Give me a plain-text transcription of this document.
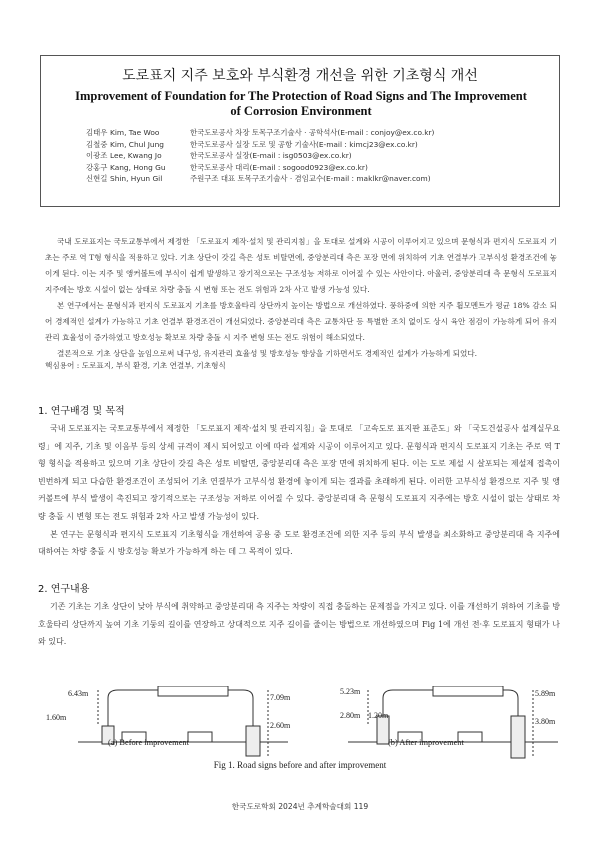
도로표지 지주 보호와 부식환경 개선을 위한 기초형식 개선
Improvement of Foundation for The Protection of Road Signs and The Improvement of Corrosion Environment
김태우 Kim, Tae Woo	한국도로공사 차장 토목구조기술사 · 공학석사(E-mail : conjoy@ex.co.kr)
김철중 Kim, Chul Jung	한국도로공사 실장 도로 및 공항 기술사(E-mail : kimcj23@ex.co.kr)
이광조 Lee, Kwang Jo	한국도로공사 실장(E-mail : isg0503@ex.co.kr)
강홍구 Kang, Hong Gu	한국도로공사 대리(E-mail : sogood0923@ex.co.kr)
신현길 Shin, Hyun Gil	주원구조 대표 토목구조기술사 · 겸임교수(E-mail : maklkr@naver.com)

국내 도로표지는 국토교통부에서 제정한 「도로표지 제작·설치 및 관리지침」을 토대로 설계와 시공이 이루어지고 있으며 문형식과 편지식 도로표지 기초는 주로 역 T형 형식을 적용하고 있다. 기초 상단이 갓길 측은 성토 비탈면에, 중앙분리대 측은 포장 면에 위치하여 기초 연결부가 고부식성 환경조건에 놓이게 된다. 이는 지주 및 앵커볼트에 부식이 쉽게 발생하고 장기적으로는 구조성능 저하로 이어질 수 있는 사안이다. 아울러, 중앙분리대 측 문형식 도로표지 지주에는 방호 시설이 없는 상태로 차량 충돌 시 변형 또는 전도 위험과 2차 사고 발생 가능성 있다.

본 연구에서는 문형식과 편지식 도로표지 기초를 방호울타리 상단까지 높이는 방법으로 개선하였다. 풍하중에 의한 지주 휨모멘트가 평균 18% 감소 되어 경제적인 설계가 가능하고 기초 연결부 환경조건이 개선되었다. 중앙분리대 측은 교통차단 등 특별한 조치 없이도 상시 육안 점검이 가능하게 되어 유지관리 효율성이 증가하였고 방호성능 확보로 차량 충돌 시 지주 변형 또는 전도 위험이 해소되었다.

결론적으로 기초 상단을 높임으로써 내구성, 유지관리 효율성 및 방호성능 향상을 기하면서도 경제적인 설계가 가능하게 되었다.

핵심용어 : 도로표지, 부식 환경, 기초 연결부, 기초형식
1. 연구배경 및 목적

국내 도로표지는 국토교통부에서 제정한 「도로표지 제작·설치 및 관리지침」을 토대로 「고속도로 표지판 표준도」와 「국도건설공사 설계실무요령」에 지주, 기초 및 이음부 등의 상세 규격이 제시 되어있고 이에 따라 설계와 시공이 이루어지고 있다. 문형식과 편지식 도로표지 기초는 주로 역 T형 형식을 적용하고 있으며 기초 상단이 갓길 측은 성토 비탈면, 중앙분리대 측은 포장 면에 위치하게 된다. 이는 도로 제설 시 살포되는 제설제 접촉이 빈번하게 되고 다습한 환경조건이 조성되어 기초 연결부가 고부식성 환경에 놓이게 되는 결과를 초래하게 된다. 이러한 고부식성 환경으로 지주 및 앵커볼트에 부식 발생이 촉진되고 장기적으로는 구조성능 저하로 이어질 수 있다. 중앙분리대 측 문형식 도로표지 지주에는 방호 시설이 없는 상태로 차량 충돌 시 변형 또는 전도 위험과 2차 사고 발생 가능성이 있다.

본 연구는 문형식과 편지식 도로표지 기초형식을 개선하여 공용 중 도로 환경조건에 의한 지주 등의 부식 발생을 최소화하고 중앙분리대 측 지주에 대하여는 차량 충돌 시 방호성능 확보가 가능하게 하는 데 그 목적이 있다.

2. 연구내용

기존 기초는 기초 상단이 낮아 부식에 취약하고 중앙분리대 측 지주는 차량이 직접 충돌하는 문제점을 가지고 있다. 이를 개선하기 위하여 기초를 방호울타리 상단까지 높여 기초 기둥의 길이를 연장하고 상대적으로 지주 길이를 줄이는 방법으로 개선하였으며 Fig 1에 개선 전·후 도로표지 형태가 나와 있다.

6.43m
1.60m
7.09m
2.60m
5.23m
2.80m 1.20m
5.89m
3.80m
(a) Before improvement	(b) After improvement
Fig 1. Road signs before and after improvement
한국도로학회 2024년 추계학술대회 119
